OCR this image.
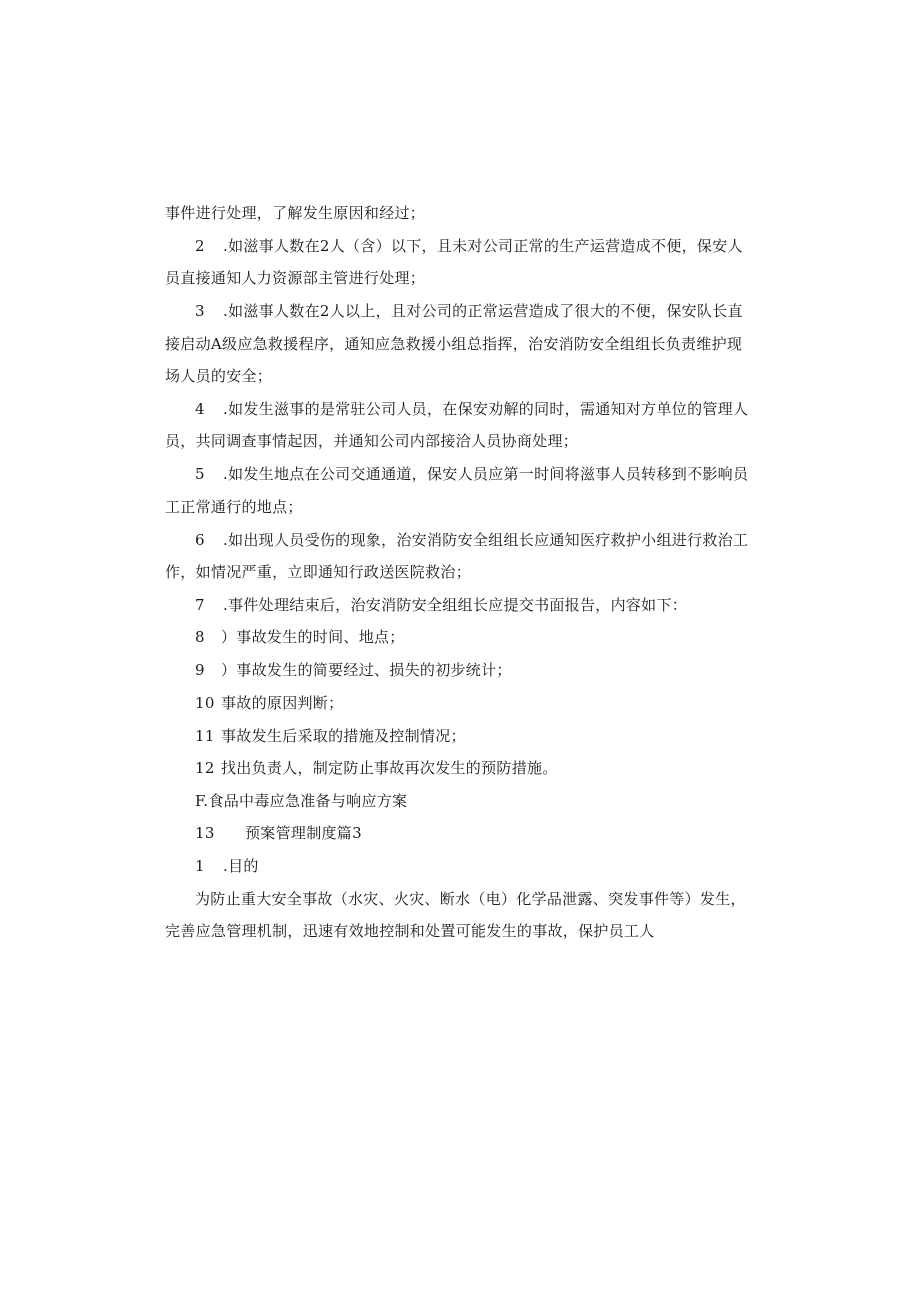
事件进行处理，了解发生原因和经过；
2 .如滋事人数在2人（含）以下，且未对公司正常的生产运营造成不便，保安人
员直接通知人力资源部主管进行处理；
3 .如滋事人数在2人以上，且对公司的正常运营造成了很大的不便，保安队长直
接启动A级应急救援程序，通知应急救援小组总指挥，治安消防安全组组长负责维护现
场人员的安全；
4 .如发生滋事的是常驻公司人员，在保安劝解的同时，需通知对方单位的管理人
员，共同调查事情起因，并通知公司内部接洽人员协商处理；
5 .如发生地点在公司交通通道，保安人员应第一时间将滋事人员转移到不影响员
工正常通行的地点；
6 .如出现人员受伤的现象，治安消防安全组组长应通知医疗救护小组进行救治工
作，如情况严重，立即通知行政送医院救治；
7 .事件处理结束后，治安消防安全组组长应提交书面报告，内容如下：
8 ）事故发生的时间、地点；
9 ）事故发生的简要经过、损失的初步统计；
10 事故的原因判断；
11 事故发生后采取的措施及控制情况；
12 找出负责人，制定防止事故再次发生的预防措施。
F.食品中毒应急准备与响应方案
13 预案管理制度篇3
1 .目的
为防止重大安全事故（水灾、火灾、断水（电）化学品泄露、突发事件等）发生，
完善应急管理机制，迅速有效地控制和处置可能发生的事故，保护员工人
